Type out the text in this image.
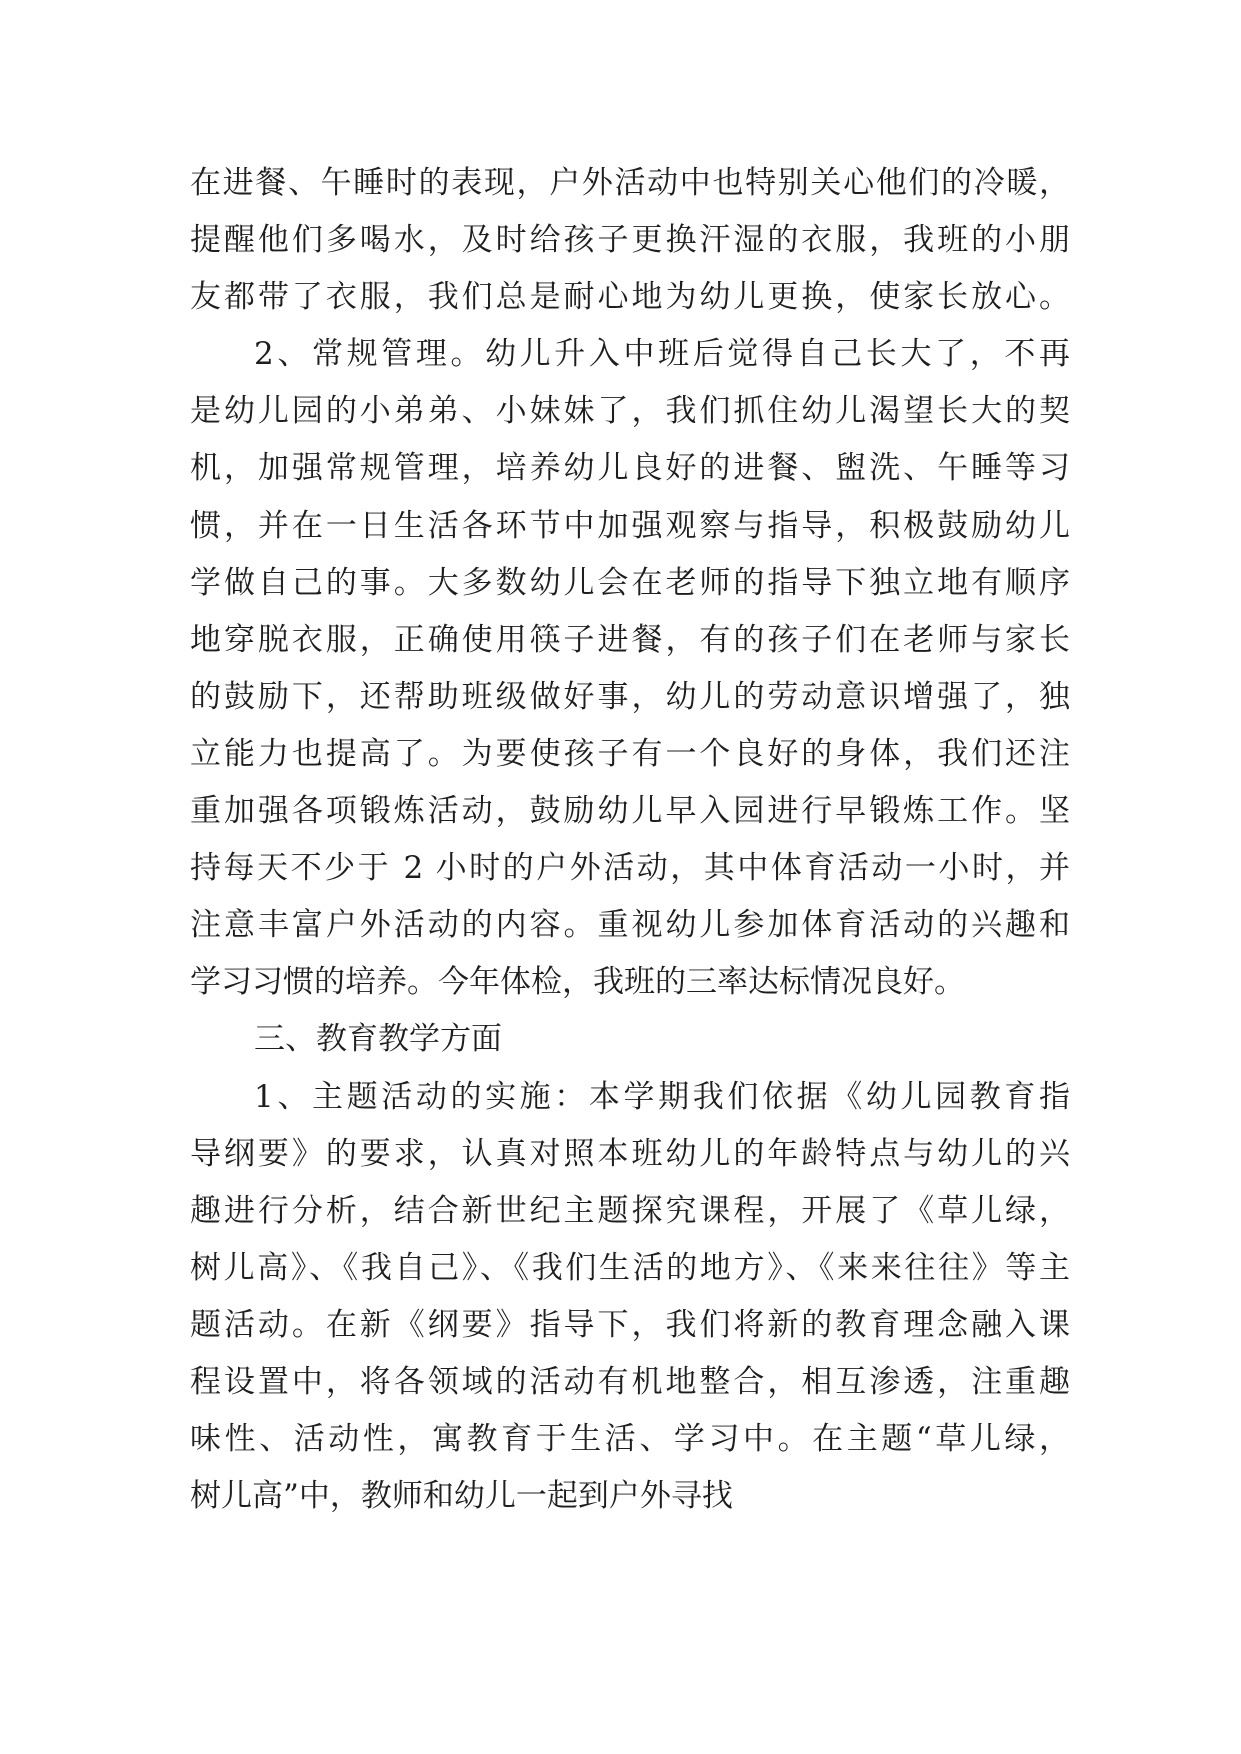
在进餐、午睡时的表现，户外活动中也特别关心他们的冷暖，
提醒他们多喝水，及时给孩子更换汗湿的衣服，我班的小朋
友都带了衣服，我们总是耐心地为幼儿更换，使家长放心。
2、常规管理。幼儿升入中班后觉得自己长大了，不再
是幼儿园的小弟弟、小妹妹了，我们抓住幼儿渴望长大的契
机，加强常规管理，培养幼儿良好的进餐、盥洗、午睡等习
惯，并在一日生活各环节中加强观察与指导，积极鼓励幼儿
学做自己的事。大多数幼儿会在老师的指导下独立地有顺序
地穿脱衣服，正确使用筷子进餐，有的孩子们在老师与家长
的鼓励下，还帮助班级做好事，幼儿的劳动意识增强了，独
立能力也提高了。为要使孩子有一个良好的身体，我们还注
重加强各项锻炼活动，鼓励幼儿早入园进行早锻炼工作。坚
持每天不少于 2 小时的户外活动，其中体育活动一小时，并
注意丰富户外活动的内容。重视幼儿参加体育活动的兴趣和
学习习惯的培养。今年体检，我班的三率达标情况良好。
三、教育教学方面
1、主题活动的实施：本学期我们依据《幼儿园教育指
导纲要》的要求，认真对照本班幼儿的年龄特点与幼儿的兴
趣进行分析，结合新世纪主题探究课程，开展了《草儿绿，
树儿高》、《我自己》、《我们生活的地方》、《来来往往》等主
题活动。在新《纲要》指导下，我们将新的教育理念融入课
程设置中，将各领域的活动有机地整合，相互渗透，注重趣
味性、活动性，寓教育于生活、学习中。在主题“草儿绿，
树儿高”中，教师和幼儿一起到户外寻找
